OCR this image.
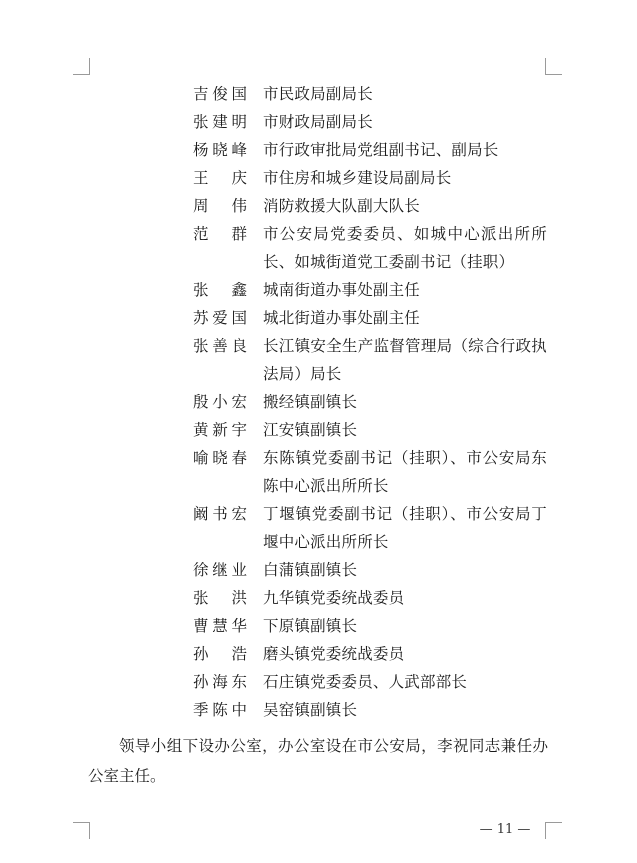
吉俊国 市民政局副局长
张建明 市财政局副局长
杨晓峰 市行政审批局党组副书记、副局长
王　庆 市住房和城乡建设局副局长
周　伟 消防救援大队副大队长
范　群 市公安局党委委员、如城中心派出所所长、如城街道党工委副书记（挂职）
张　鑫 城南街道办事处副主任
苏爱国 城北街道办事处副主任
张善良 长江镇安全生产监督管理局（综合行政执法局）局长
殷小宏 搬经镇副镇长
黄新宇 江安镇副镇长
喻晓春 东陈镇党委副书记（挂职）、市公安局东陈中心派出所所长
阚书宏 丁堰镇党委副书记（挂职）、市公安局丁堰中心派出所所长
徐继业 白蒲镇副镇长
张　洪 九华镇党委统战委员
曹慧华 下原镇副镇长
孙　浩 磨头镇党委统战委员
孙海东 石庄镇党委委员、人武部部长
季陈中 吴窑镇副镇长
领导小组下设办公室，办公室设在市公安局，李祝同志兼任办公室主任。
— 11 —
